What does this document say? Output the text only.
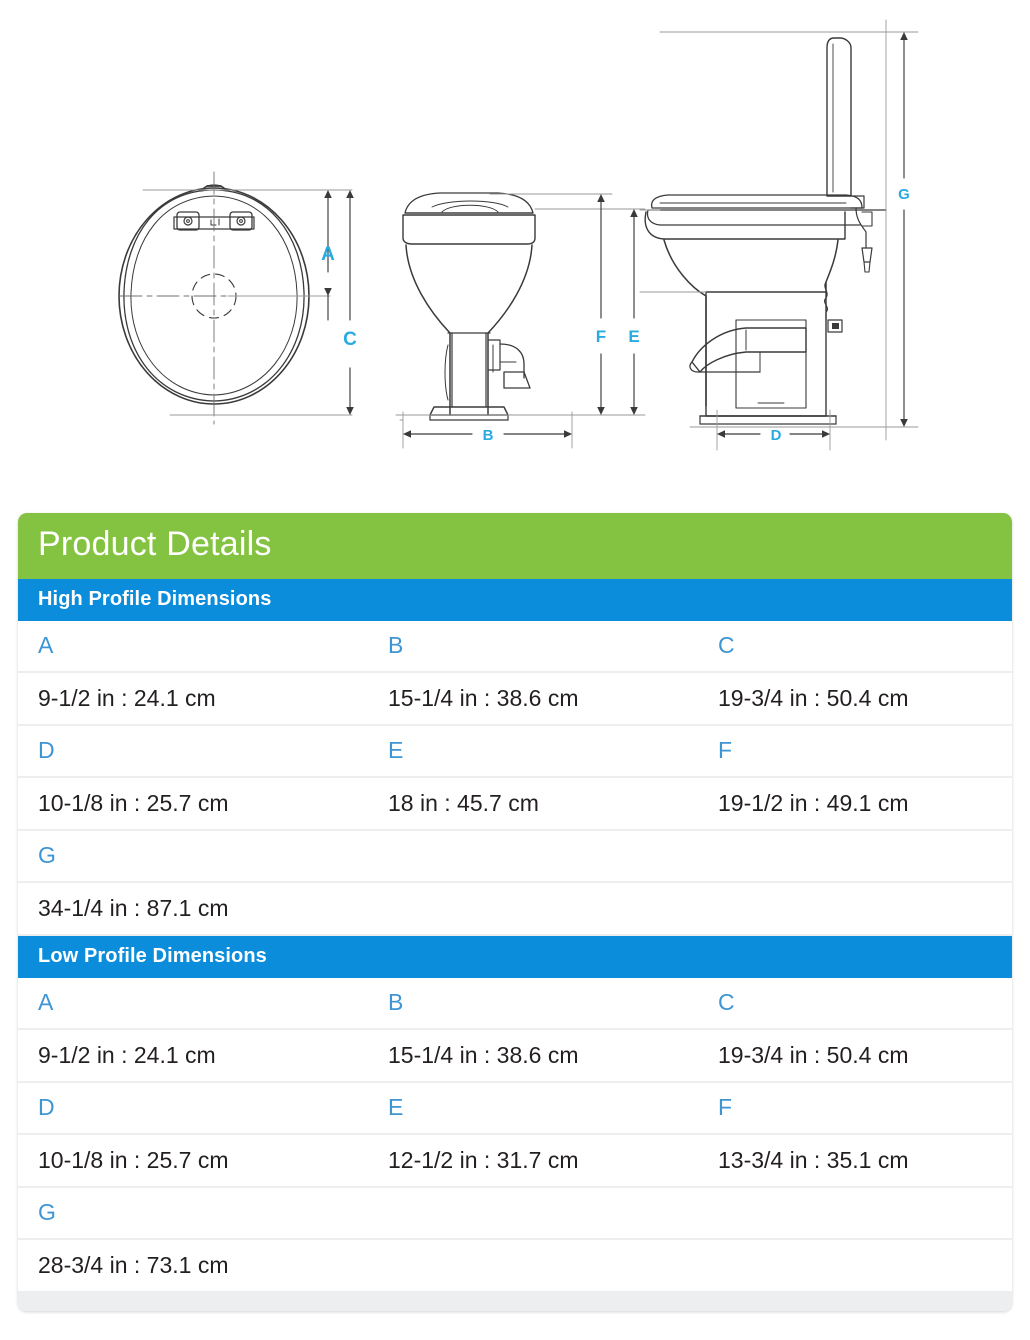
A
C
B
F E
G
D
Product Details
High Profile Dimensions
A	B	C
9-1/2 in : 24.1 cm	15-1/4 in : 38.6 cm	19-3/4 in : 50.4 cm
D	E	F
10-1/8 in : 25.7 cm	18 in : 45.7 cm	19-1/2 in : 49.1 cm
G
34-1/4 in : 87.1 cm
Low Profile Dimensions
A	B	C
9-1/2 in : 24.1 cm	15-1/4 in : 38.6 cm	19-3/4 in : 50.4 cm
D	E	F
10-1/8 in : 25.7 cm	12-1/2 in : 31.7 cm	13-3/4 in : 35.1 cm
G
28-3/4 in : 73.1 cm
